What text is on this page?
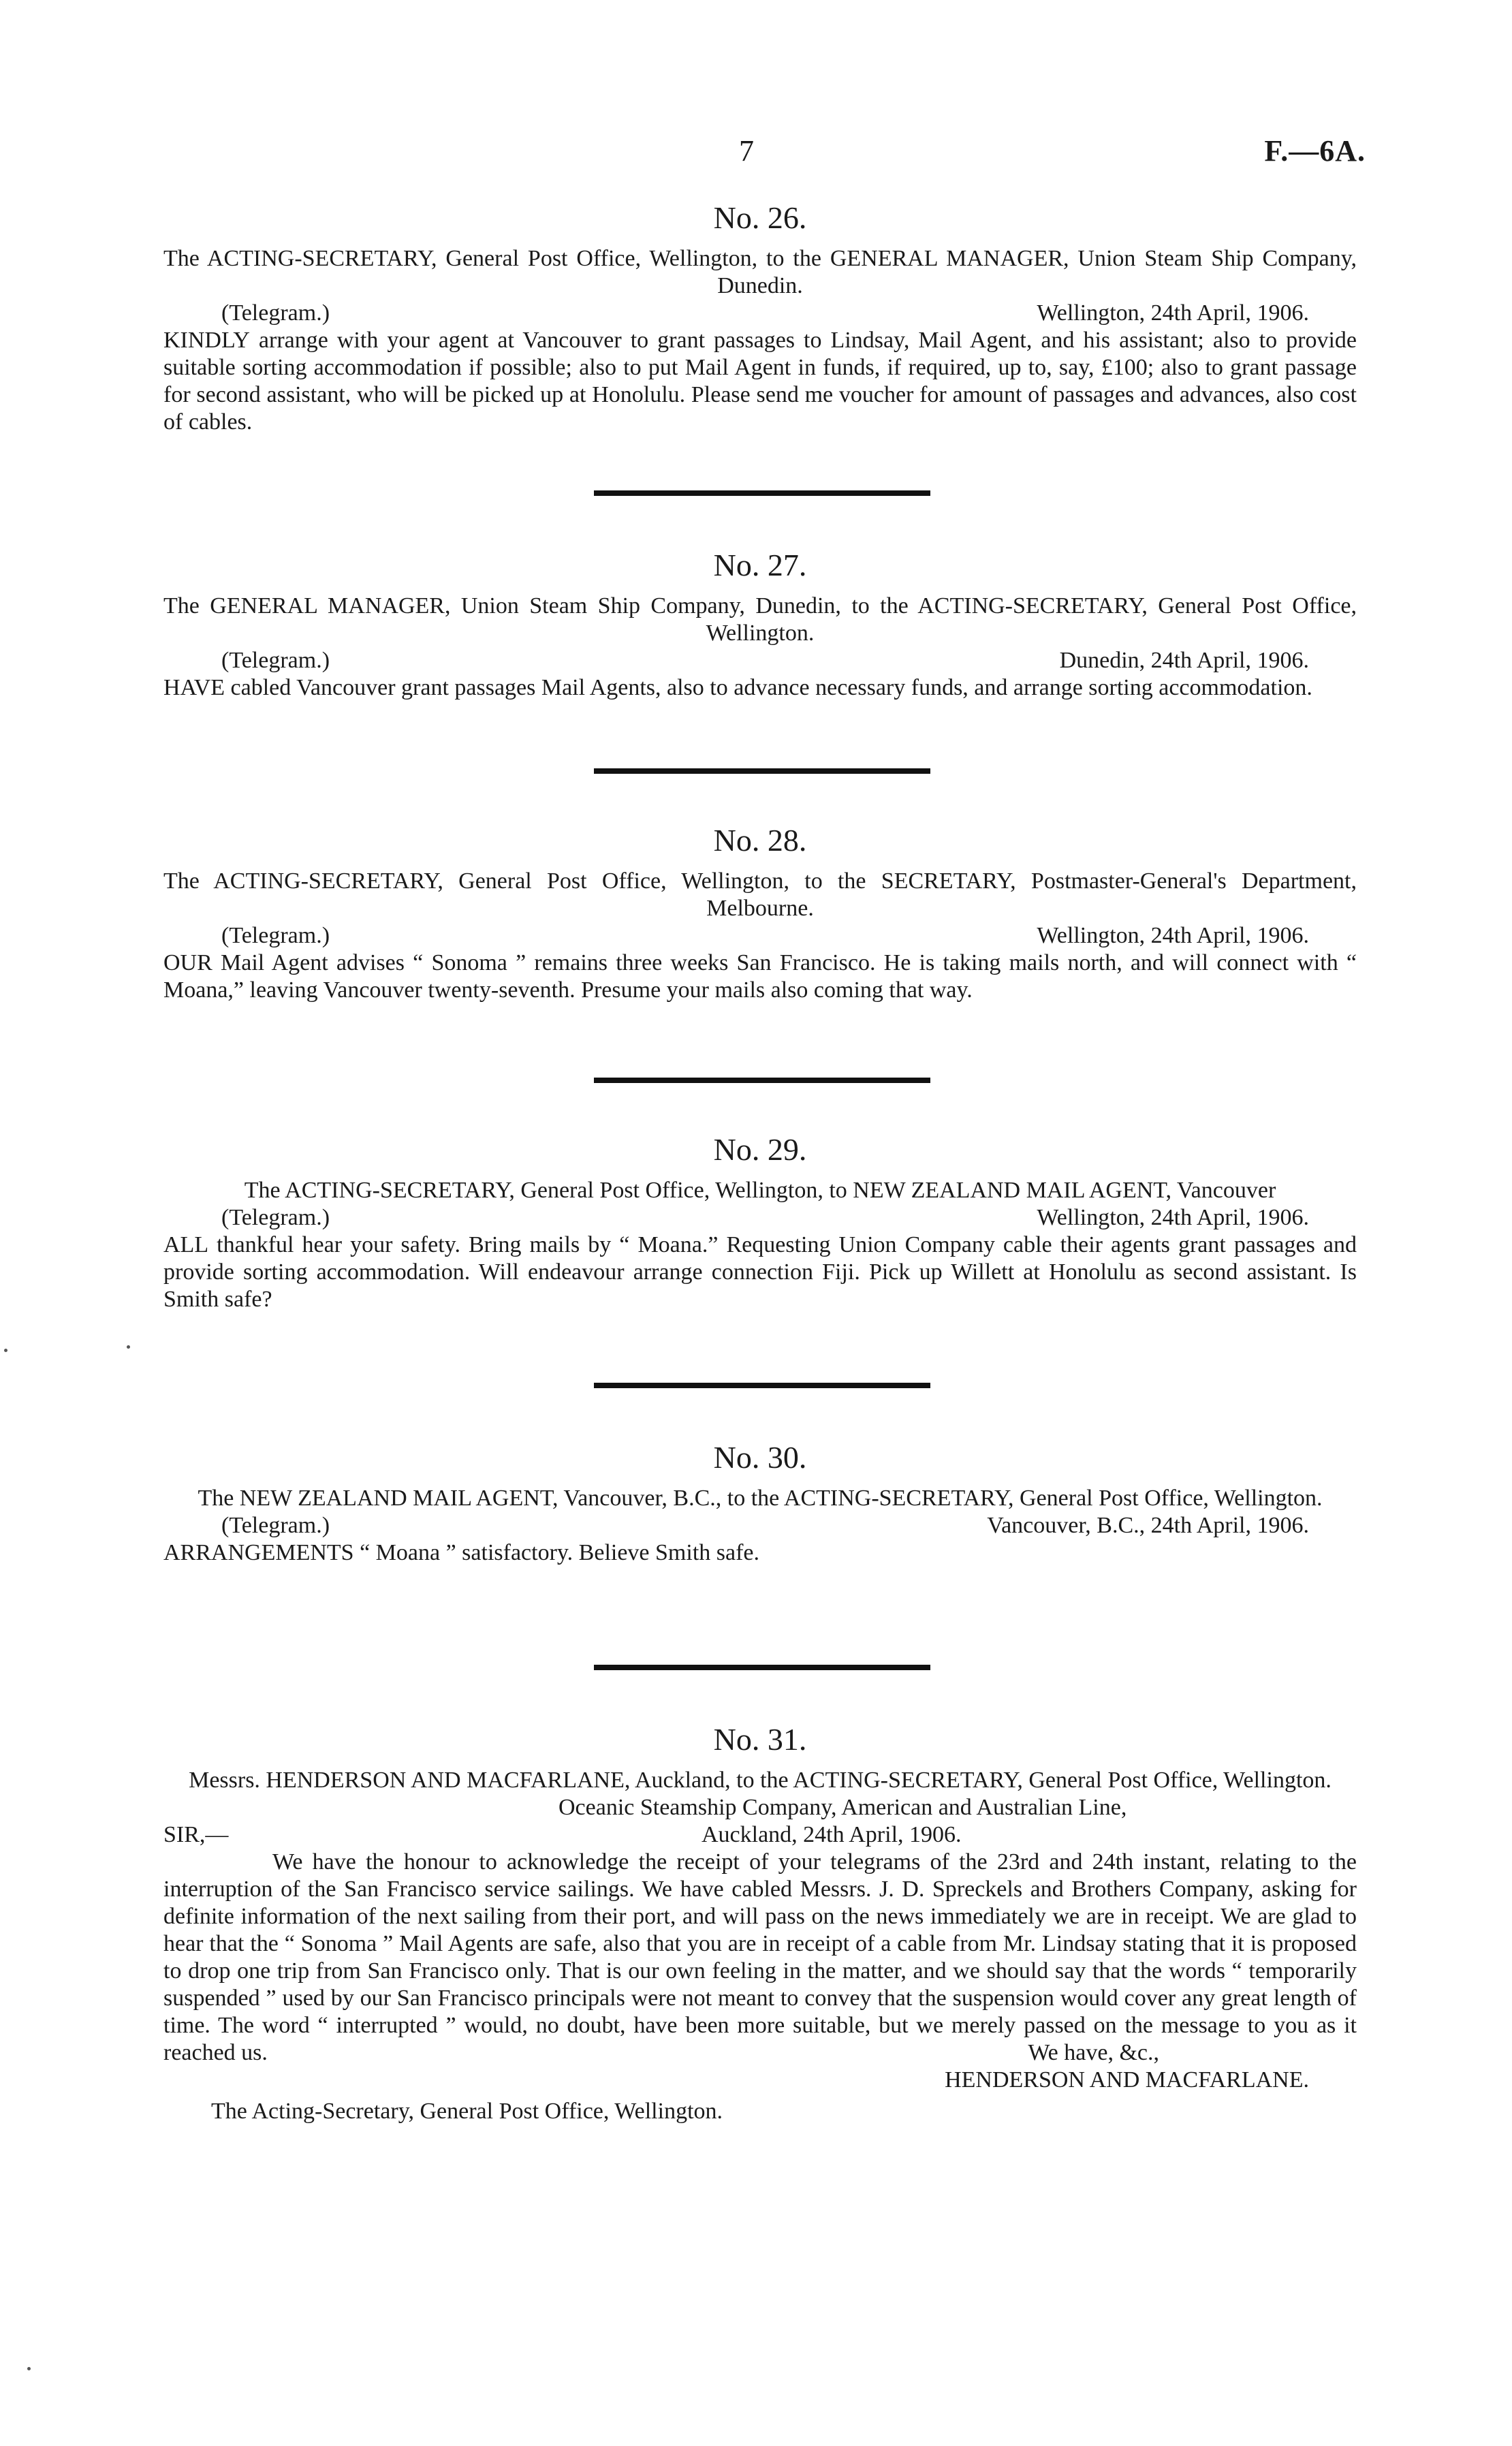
7	F.—6A.
No. 26.
The ACTING-SECRETARY, General Post Office, Wellington, to the GENERAL MANAGER, Union Steam Ship Company, Dunedin.
(Telegram.)	Wellington, 24th April, 1906.
KINDLY arrange with your agent at Vancouver to grant passages to Lindsay, Mail Agent, and his assistant; also to provide suitable sorting accommodation if possible; also to put Mail Agent in funds, if required, up to, say, £100; also to grant passage for second assistant, who will be picked up at Honolulu. Please send me voucher for amount of passages and advances, also cost of cables.
No. 27.
The GENERAL MANAGER, Union Steam Ship Company, Dunedin, to the ACTING-SECRETARY, General Post Office, Wellington.
(Telegram.)	Dunedin, 24th April, 1906.
HAVE cabled Vancouver grant passages Mail Agents, also to advance necessary funds, and arrange sorting accommodation.
No. 28.
The ACTING-SECRETARY, General Post Office, Wellington, to the SECRETARY, Postmaster-General's Department, Melbourne.
(Telegram.)	Wellington, 24th April, 1906.
OUR Mail Agent advises “ Sonoma ” remains three weeks San Francisco. He is taking mails north, and will connect with “ Moana,” leaving Vancouver twenty-seventh. Presume your mails also coming that way.
No. 29.
The ACTING-SECRETARY, General Post Office, Wellington, to NEW ZEALAND MAIL AGENT, Vancouver
(Telegram.)	Wellington, 24th April, 1906.
ALL thankful hear your safety. Bring mails by “ Moana.” Requesting Union Company cable their agents grant passages and provide sorting accommodation. Will endeavour arrange connection Fiji. Pick up Willett at Honolulu as second assistant. Is Smith safe?
No. 30.
The NEW ZEALAND MAIL AGENT, Vancouver, B.C., to the ACTING-SECRETARY, General Post Office, Wellington.
(Telegram.)	Vancouver, B.C., 24th April, 1906.
ARRANGEMENTS “ Moana ” satisfactory. Believe Smith safe.
No. 31.
Messrs. HENDERSON AND MACFARLANE, Auckland, to the ACTING-SECRETARY, General Post Office, Wellington.
Oceanic Steamship Company, American and Australian Line,
SIR,—	Auckland, 24th April, 1906.
We have the honour to acknowledge the receipt of your telegrams of the 23rd and 24th instant, relating to the interruption of the San Francisco service sailings. We have cabled Messrs. J. D. Spreckels and Brothers Company, asking for definite information of the next sailing from their port, and will pass on the news immediately we are in receipt. We are glad to hear that the “ Sonoma ” Mail Agents are safe, also that you are in receipt of a cable from Mr. Lindsay stating that it is proposed to drop one trip from San Francisco only. That is our own feeling in the matter, and we should say that the words “ temporarily suspended ” used by our San Francisco principals were not meant to convey that the suspension would cover any great length of time. The word “ interrupted ” would, no doubt, have been more suitable, but we merely passed on the message to you as it reached us.	We have, &c.,
HENDERSON AND MACFARLANE.
The Acting-Secretary, General Post Office, Wellington.
